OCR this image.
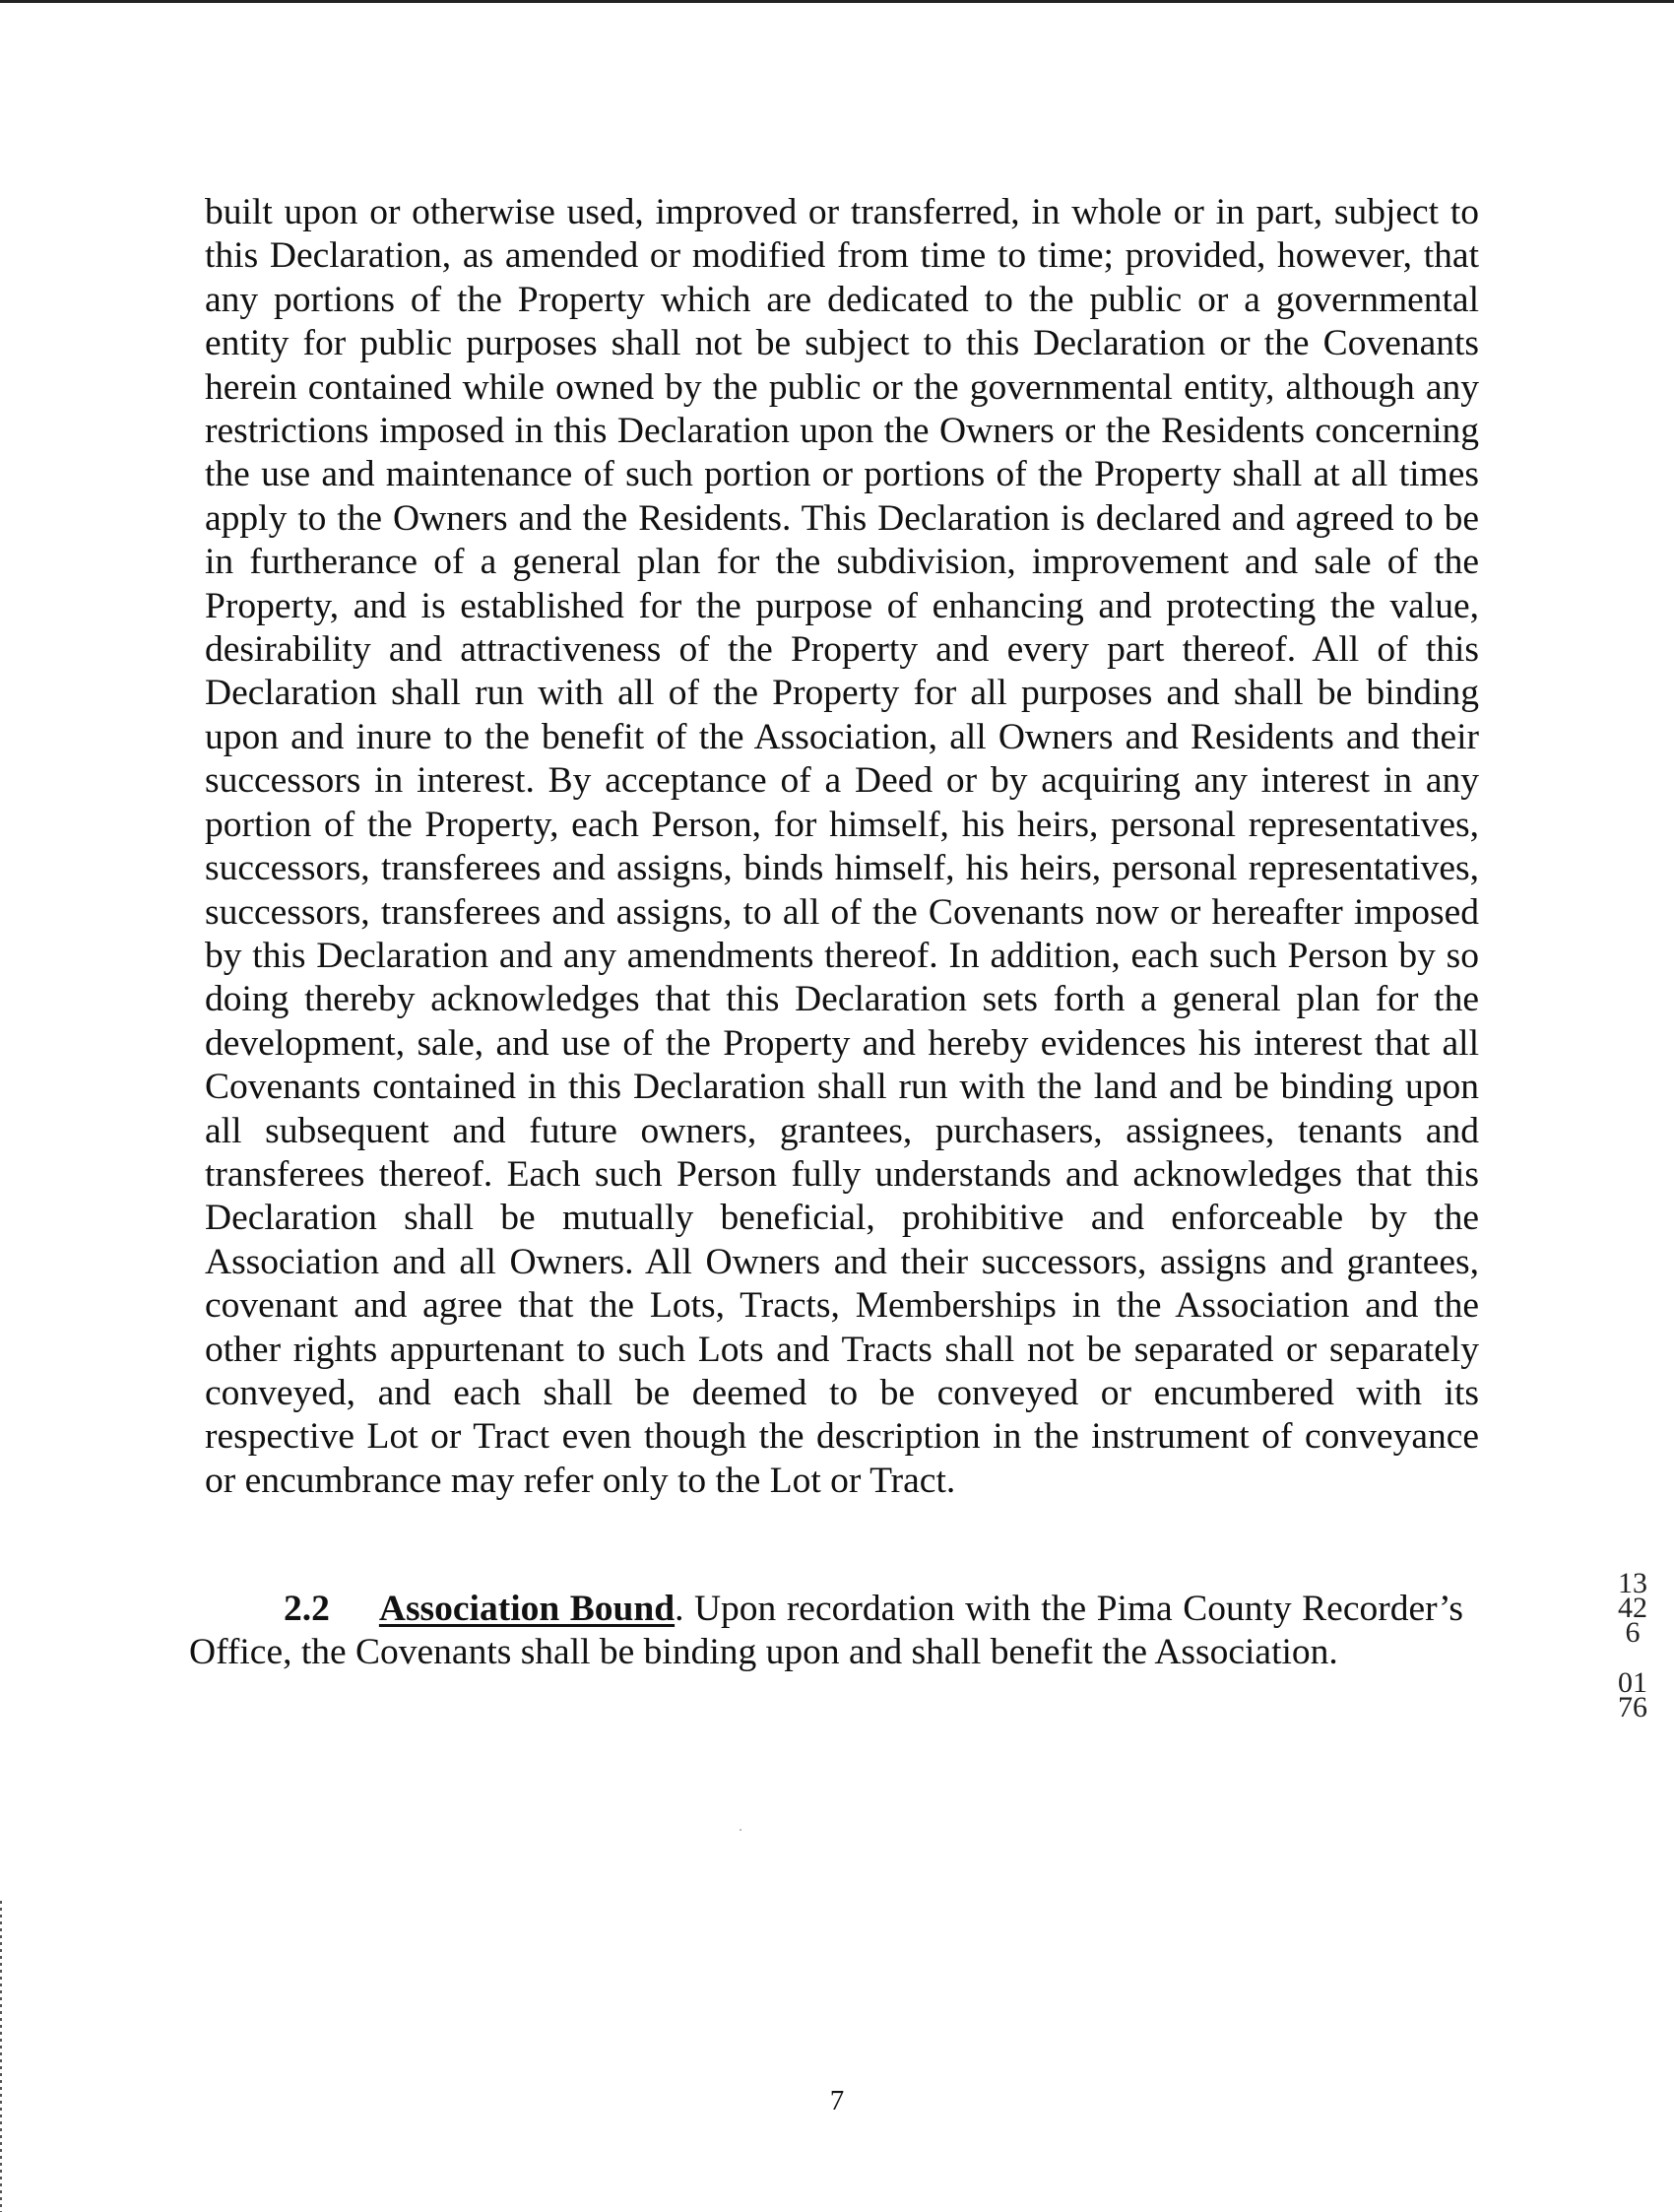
built upon or otherwise used, improved or transferred, in whole or in part, subject to this Declaration, as amended or modified from time to time; provided, however, that any portions of the Property which are dedicated to the public or a governmental entity for public purposes shall not be subject to this Declaration or the Covenants herein contained while owned by the public or the governmental entity, although any restrictions imposed in this Declaration upon the Owners or the Residents concerning the use and maintenance of such portion or portions of the Property shall at all times apply to the Owners and the Residents. This Declaration is declared and agreed to be in furtherance of a general plan for the subdivision, improvement and sale of the Property, and is established for the purpose of enhancing and protecting the value, desirability and attractiveness of the Property and every part thereof. All of this Declaration shall run with all of the Property for all purposes and shall be binding upon and inure to the benefit of the Association, all Owners and Residents and their successors in interest. By acceptance of a Deed or by acquiring any interest in any portion of the Property, each Person, for himself, his heirs, personal representatives, successors, transferees and assigns, binds himself, his heirs, personal representatives, successors, transferees and assigns, to all of the Covenants now or hereafter imposed by this Declaration and any amendments thereof. In addition, each such Person by so doing thereby acknowledges that this Declaration sets forth a general plan for the development, sale, and use of the Property and hereby evidences his interest that all Covenants contained in this Declaration shall run with the land and be binding upon all subsequent and future owners, grantees, purchasers, assignees, tenants and transferees thereof. Each such Person fully understands and acknowledges that this Declaration shall be mutually beneficial, prohibitive and enforceable by the Association and all Owners. All Owners and their successors, assigns and grantees, covenant and agree that the Lots, Tracts, Memberships in the Association and the other rights appurtenant to such Lots and Tracts shall not be separated or separately conveyed, and each shall be deemed to be conveyed or encumbered with its respective Lot or Tract even though the description in the instrument of conveyance or encumbrance may refer only to the Lot or Tract.

2.2 Association Bound. Upon recordation with the Pima County Recorder’s Office, the Covenants shall be binding upon and shall benefit the Association.

13426
0176

7
